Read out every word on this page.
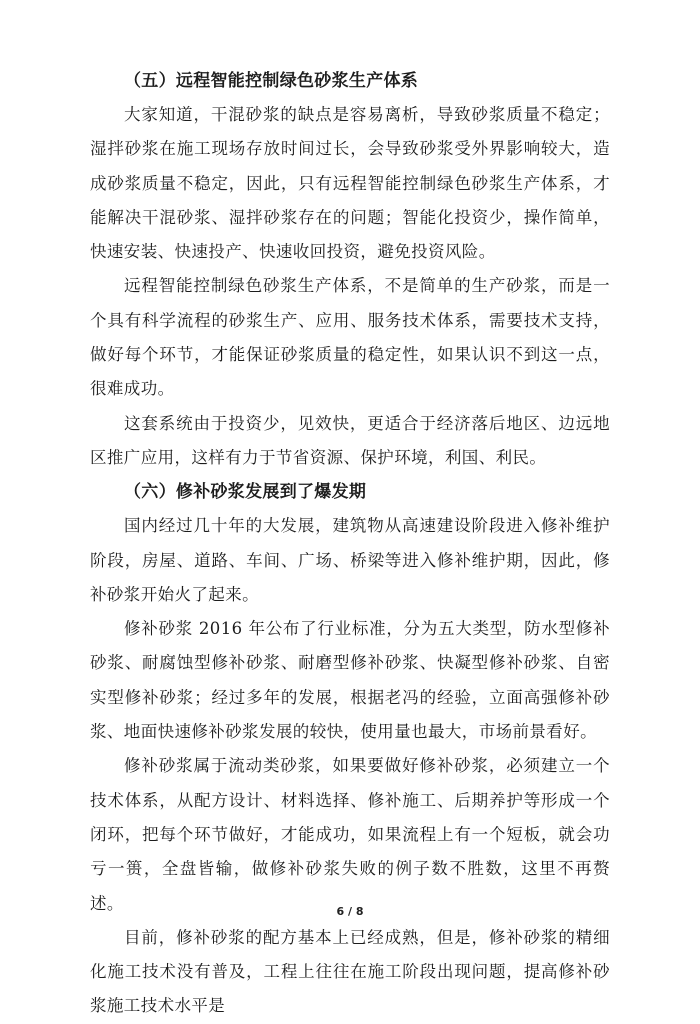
（五）远程智能控制绿色砂浆生产体系

大家知道，干混砂浆的缺点是容易离析，导致砂浆质量不稳定；湿拌砂浆在施工现场存放时间过长，会导致砂浆受外界影响较大，造成砂浆质量不稳定，因此，只有远程智能控制绿色砂浆生产体系，才能解决干混砂浆、湿拌砂浆存在的问题；智能化投资少，操作简单，快速安装、快速投产、快速收回投资，避免投资风险。

远程智能控制绿色砂浆生产体系，不是简单的生产砂浆，而是一个具有科学流程的砂浆生产、应用、服务技术体系，需要技术支持，做好每个环节，才能保证砂浆质量的稳定性，如果认识不到这一点，很难成功。

这套系统由于投资少，见效快，更适合于经济落后地区、边远地区推广应用，这样有力于节省资源、保护环境，利国、利民。

（六）修补砂浆发展到了爆发期

国内经过几十年的大发展，建筑物从高速建设阶段进入修补维护阶段，房屋、道路、车间、广场、桥梁等进入修补维护期，因此，修补砂浆开始火了起来。

修补砂浆 2016 年公布了行业标准，分为五大类型，防水型修补砂浆、耐腐蚀型修补砂浆、耐磨型修补砂浆、快凝型修补砂浆、自密实型修补砂浆；经过多年的发展，根据老冯的经验，立面高强修补砂浆、地面快速修补砂浆发展的较快，使用量也最大，市场前景看好。

修补砂浆属于流动类砂浆，如果要做好修补砂浆，必须建立一个技术体系，从配方设计、材料选择、修补施工、后期养护等形成一个闭环，把每个环节做好，才能成功，如果流程上有一个短板，就会功亏一篑，全盘皆输，做修补砂浆失败的例子数不胜数，这里不再赘述。

目前，修补砂浆的配方基本上已经成熟，但是，修补砂浆的精细化施工技术没有普及，工程上往往在施工阶段出现问题，提高修补砂浆施工技术水平是

6 / 8
